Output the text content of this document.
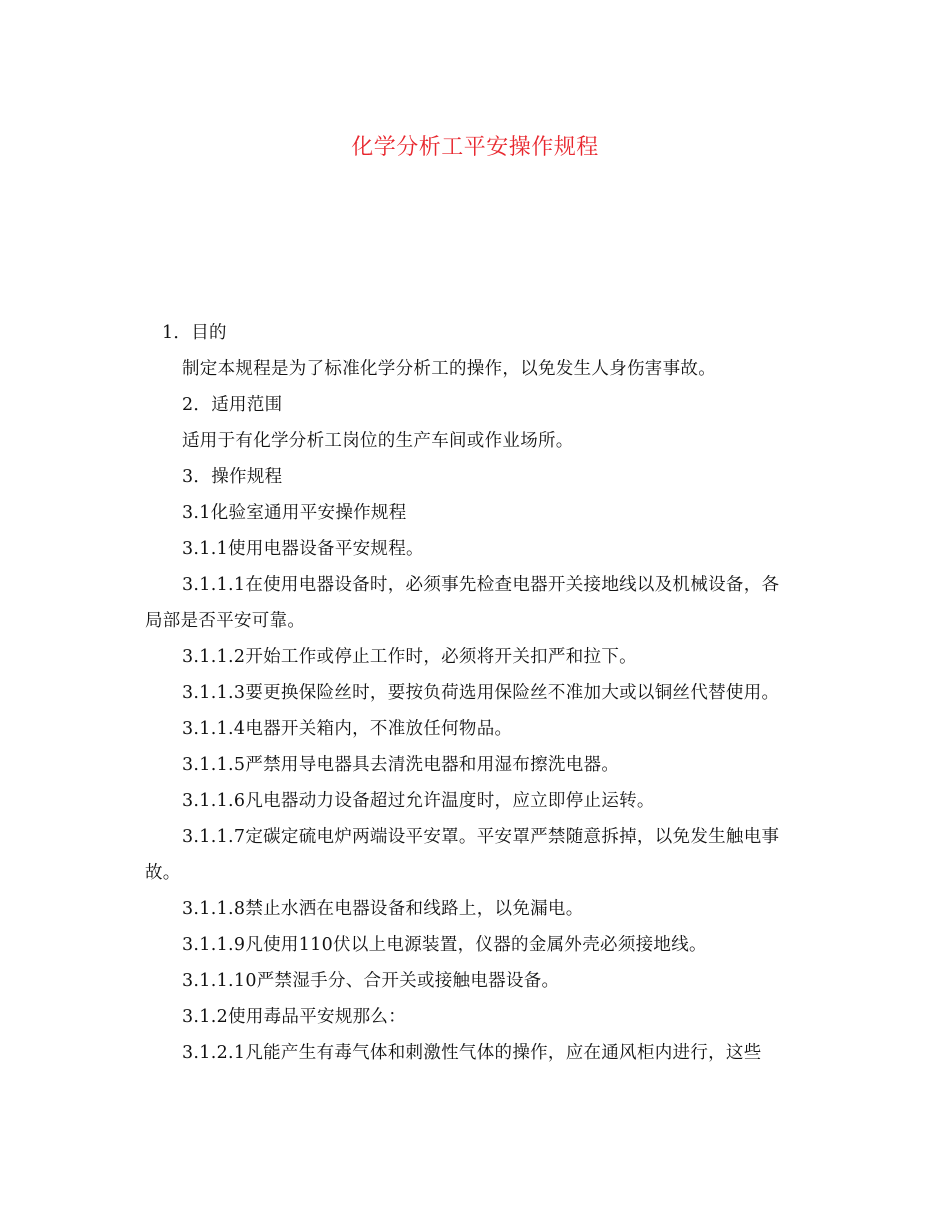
化学分析工平安操作规程

1．目的

制定本规程是为了标准化学分析工的操作，以免发生人身伤害事故。

2．适用范围

适用于有化学分析工岗位的生产车间或作业场所。

3．操作规程

3.1化验室通用平安操作规程

3.1.1使用电器设备平安规程。

3.1.1.1在使用电器设备时，必须事先检查电器开关接地线以及机械设备，各局部是否平安可靠。

3.1.1.2开始工作或停止工作时，必须将开关扣严和拉下。

3.1.1.3要更换保险丝时，要按负荷选用保险丝不准加大或以铜丝代替使用。

3.1.1.4电器开关箱内，不准放任何物品。

3.1.1.5严禁用导电器具去清洗电器和用湿布擦洗电器。

3.1.1.6凡电器动力设备超过允许温度时，应立即停止运转。

3.1.1.7定碳定硫电炉两端设平安罩。平安罩严禁随意拆掉，以免发生触电事故。

3.1.1.8禁止水洒在电器设备和线路上，以免漏电。

3.1.1.9凡使用110伏以上电源装置，仪器的金属外壳必须接地线。

3.1.1.10严禁湿手分、合开关或接触电器设备。

3.1.2使用毒品平安规那么：

3.1.2.1凡能产生有毒气体和刺激性气体的操作，应在通风柜内进行，这些
